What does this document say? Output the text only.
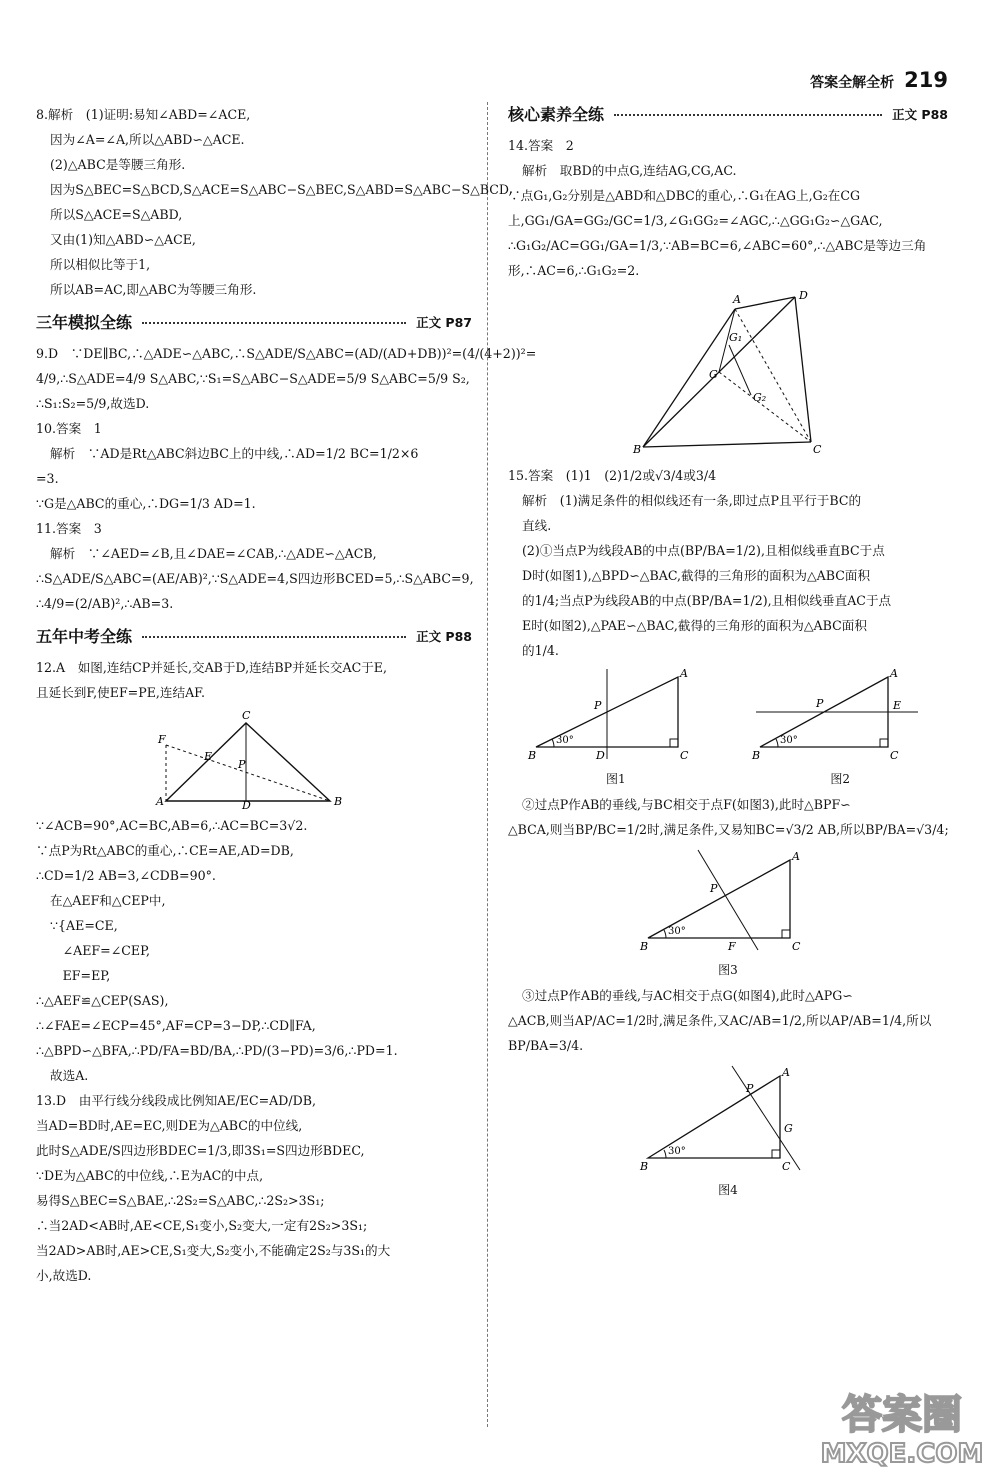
答案全解全析 219
8.解析　(1)证明:易知∠ABD=∠ACE,
因为∠A=∠A,所以△ABD∽△ACE.
(2)△ABC是等腰三角形.
因为S△BEC=S△BCD,S△ACE=S△ABC−S△BEC,S△ABD=S△ABC−S△BCD,
所以S△ACE=S△ABD,
又由(1)知△ABD∽△ACE,
所以相似比等于1,
所以AB=AC,即△ABC为等腰三角形.
三年模拟全练	正文 P87
9.D　∵DE∥BC,∴△ADE∽△ABC,∴S△ADE/S△ABC=(AD/(AD+DB))²=(4/(4+2))²=
4/9,∴S△ADE=4/9 S△ABC,∵S₁=S△ABC−S△ADE=5/9 S△ABC=5/9 S₂,
∴S₁:S₂=5/9,故选D.
10.答案　1
解析　∵AD是Rt△ABC斜边BC上的中线,∴AD=1/2 BC=1/2×6
=3.
∵G是△ABC的重心,∴DG=1/3 AD=1.
11.答案　3
解析　∵∠AED=∠B,且∠DAE=∠CAB,∴△ADE∽△ACB,
∴S△ADE/S△ABC=(AE/AB)²,∵S△ADE=4,S四边形BCED=5,∴S△ABC=9,
∴4/9=(2/AB)²,∴AB=3.
五年中考全练	正文 P88
12.A　如图,连结CP并延长,交AB于D,连结BP并延长交AC于E,
且延长到F,使EF=PE,连结AF.
A	B
C
D
E
F
P
∵∠ACB=90°,AC=BC,AB=6,∴AC=BC=3√2.
∵点P为Rt△ABC的重心,∴CE=AE,AD=DB,
∴CD=1/2 AB=3,∠CDB=90°.
在△AEF和△CEP中,
∵{AE=CE,
　∠AEF=∠CEP,
　EF=EP,
∴△AEF≌△CEP(SAS),
∴∠FAE=∠ECP=45°,AF=CP=3−DP,∴CD∥FA,
∴△BPD∽△BFA,∴PD/FA=BD/BA,∴PD/(3−PD)=3/6,∴PD=1.
故选A.
13.D　由平行线分线段成比例知AE/EC=AD/DB,
当AD=BD时,AE=EC,则DE为△ABC的中位线,
此时S△ADE/S四边形BDEC=1/3,即3S₁=S四边形BDEC,
∵DE为△ABC的中位线,∴E为AC的中点,
易得S△BEC=S△BAE,∴2S₂=S△ABC,∴2S₂>3S₁;
∴当2AD<AB时,AE<CE,S₁变小,S₂变大,一定有2S₂>3S₁;
当2AD>AB时,AE>CE,S₁变大,S₂变小,不能确定2S₂与3S₁的大
小,故选D.
核心素养全练	正文 P88
14.答案　2
解析　取BD的中点G,连结AG,CG,AC.
∵点G₁,G₂分别是△ABD和△DBC的重心,∴G₁在AG上,G₂在CG
上,GG₁/GA=GG₂/GC=1/3,∠G₁GG₂=∠AGC,∴△GG₁G₂∽△GAC,
∴G₁G₂/AC=GG₁/GA=1/3,∵AB=BC=6,∠ABC=60°,∴△ABC是等边三角
形,∴AC=6,∴G₁G₂=2.
A	D
B	C
G
G₁
G₂
15.答案　(1)1　(2)1/2或√3/4或3/4
解析　(1)满足条件的相似线还有一条,即过点P且平行于BC的
直线.
(2)①当点P为线段AB的中点(BP/BA=1/2),且相似线垂直BC于点
D时(如图1),△BPD∽△BAC,截得的三角形的面积为△ABC面积
的1/4;当点P为线段AB的中点(BP/BA=1/2),且相似线垂直AC于点
E时(如图2),△PAE∽△BAC,截得的三角形的面积为△ABC面积
的1/4.
30°
B	C
A
P
D
图1
30°
B	C
A
P	E
图2
②过点P作AB的垂线,与BC相交于点F(如图3),此时△BPF∽
△BCA,则当BP/BC=1/2时,满足条件,又易知BC=√3/2 AB,所以BP/BA=√3/4;
30°
B	C
A
P
F
图3
③过点P作AB的垂线,与AC相交于点G(如图4),此时△APG∽
△ACB,则当AP/AC=1/2时,满足条件,又AC/AB=1/2,所以AP/AB=1/4,所以
BP/BA=3/4.
30°
B	C
A
P
G
图4
答案圈
MXQE.COM
